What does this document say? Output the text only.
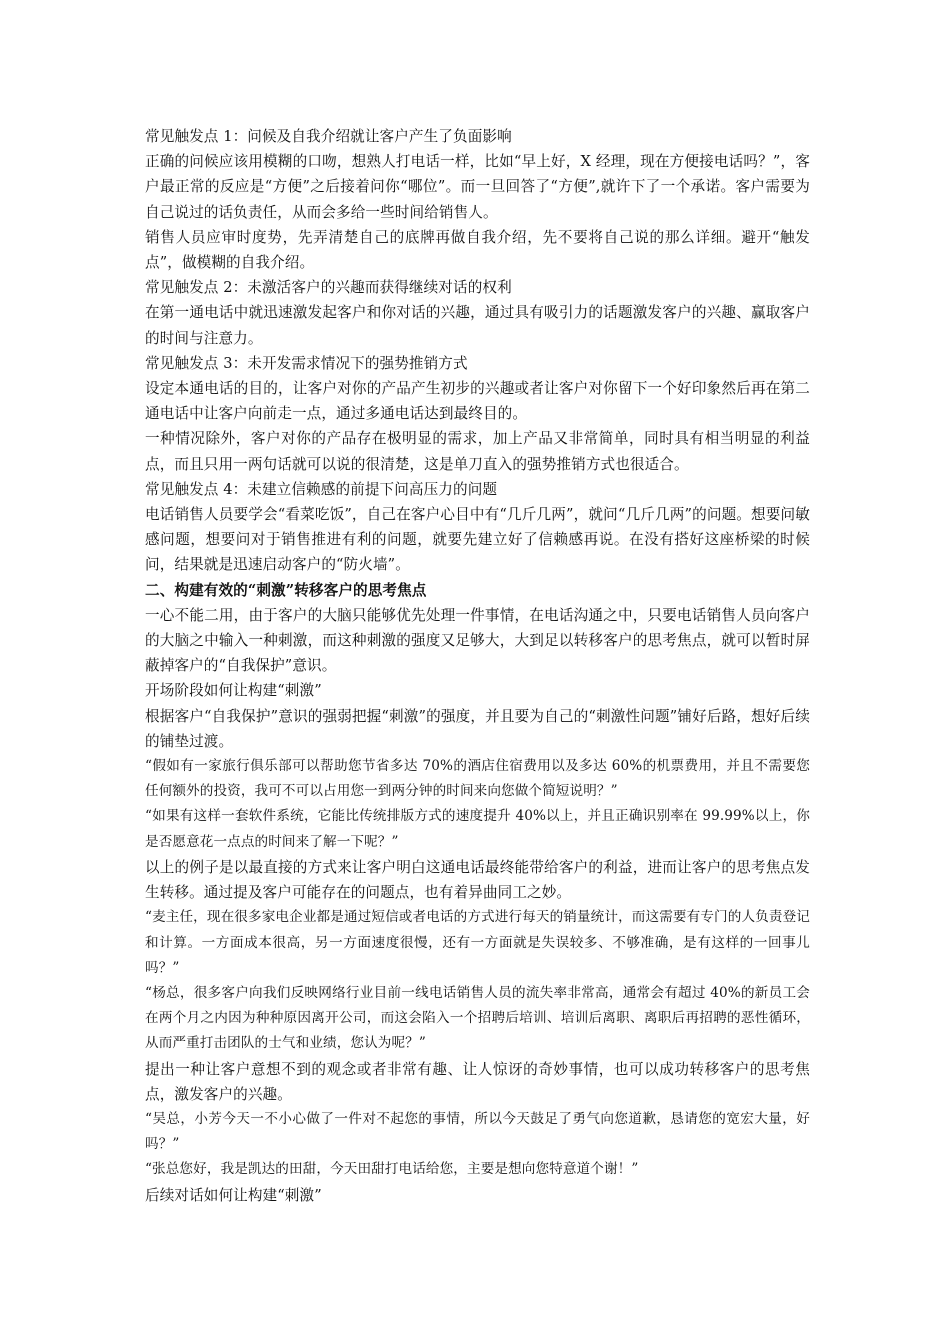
常见触发点 1：问候及自我介绍就让客户产生了负面影响

正确的问候应该用模糊的口吻，想熟人打电话一样，比如“早上好，X 经理，现在方便接电话吗？”，客户最正常的反应是“方便”之后接着问你“哪位”。而一旦回答了“方便”,就许下了一个承诺。客户需要为自己说过的话负责任，从而会多给一些时间给销售人。

销售人员应审时度势，先弄清楚自己的底牌再做自我介绍，先不要将自己说的那么详细。避开“触发点”，做模糊的自我介绍。

常见触发点 2：未激活客户的兴趣而获得继续对话的权利

在第一通电话中就迅速激发起客户和你对话的兴趣，通过具有吸引力的话题激发客户的兴趣、赢取客户的时间与注意力。

常见触发点 3：未开发需求情况下的强势推销方式

设定本通电话的目的，让客户对你的产品产生初步的兴趣或者让客户对你留下一个好印象然后再在第二通电话中让客户向前走一点，通过多通电话达到最终目的。

一种情况除外，客户对你的产品存在极明显的需求，加上产品又非常简单，同时具有相当明显的利益点，而且只用一两句话就可以说的很清楚，这是单刀直入的强势推销方式也很适合。

常见触发点 4：未建立信赖感的前提下问高压力的问题

电话销售人员要学会“看菜吃饭”，自己在客户心目中有“几斤几两”，就问“几斤几两”的问题。想要问敏感问题，想要问对于销售推进有利的问题，就要先建立好了信赖感再说。在没有搭好这座桥梁的时候问，结果就是迅速启动客户的“防火墙”。

二、构建有效的“刺激”转移客户的思考焦点

一心不能二用，由于客户的大脑只能够优先处理一件事情，在电话沟通之中，只要电话销售人员向客户的大脑之中输入一种刺激，而这种刺激的强度又足够大，大到足以转移客户的思考焦点，就可以暂时屏蔽掉客户的“自我保护”意识。

开场阶段如何让构建“刺激”

根据客户“自我保护”意识的强弱把握“刺激”的强度，并且要为自己的“刺激性问题”铺好后路，想好后续的铺垫过渡。

“假如有一家旅行俱乐部可以帮助您节省多达 70%的酒店住宿费用以及多达 60%的机票费用，并且不需要您任何额外的投资，我可不可以占用您一到两分钟的时间来向您做个简短说明？”

“如果有这样一套软件系统，它能比传统排版方式的速度提升 40%以上，并且正确识别率在 99.99%以上，你是否愿意花一点点的时间来了解一下呢？”

以上的例子是以最直接的方式来让客户明白这通电话最终能带给客户的利益，进而让客户的思考焦点发生转移。通过提及客户可能存在的问题点，也有着异曲同工之妙。

“麦主任，现在很多家电企业都是通过短信或者电话的方式进行每天的销量统计，而这需要有专门的人负责登记和计算。一方面成本很高，另一方面速度很慢，还有一方面就是失误较多、不够准确，是有这样的一回事儿吗？”

“杨总，很多客户向我们反映网络行业目前一线电话销售人员的流失率非常高，通常会有超过 40%的新员工会在两个月之内因为种种原因离开公司，而这会陷入一个招聘后培训、培训后离职、离职后再招聘的恶性循环，从而严重打击团队的士气和业绩，您认为呢？”

提出一种让客户意想不到的观念或者非常有趣、让人惊讶的奇妙事情，也可以成功转移客户的思考焦点，激发客户的兴趣。

“吴总，小芳今天一不小心做了一件对不起您的事情，所以今天鼓足了勇气向您道歉，恳请您的宽宏大量，好吗？”

“张总您好，我是凯达的田甜，今天田甜打电话给您，主要是想向您特意道个谢！”

后续对话如何让构建“刺激”
